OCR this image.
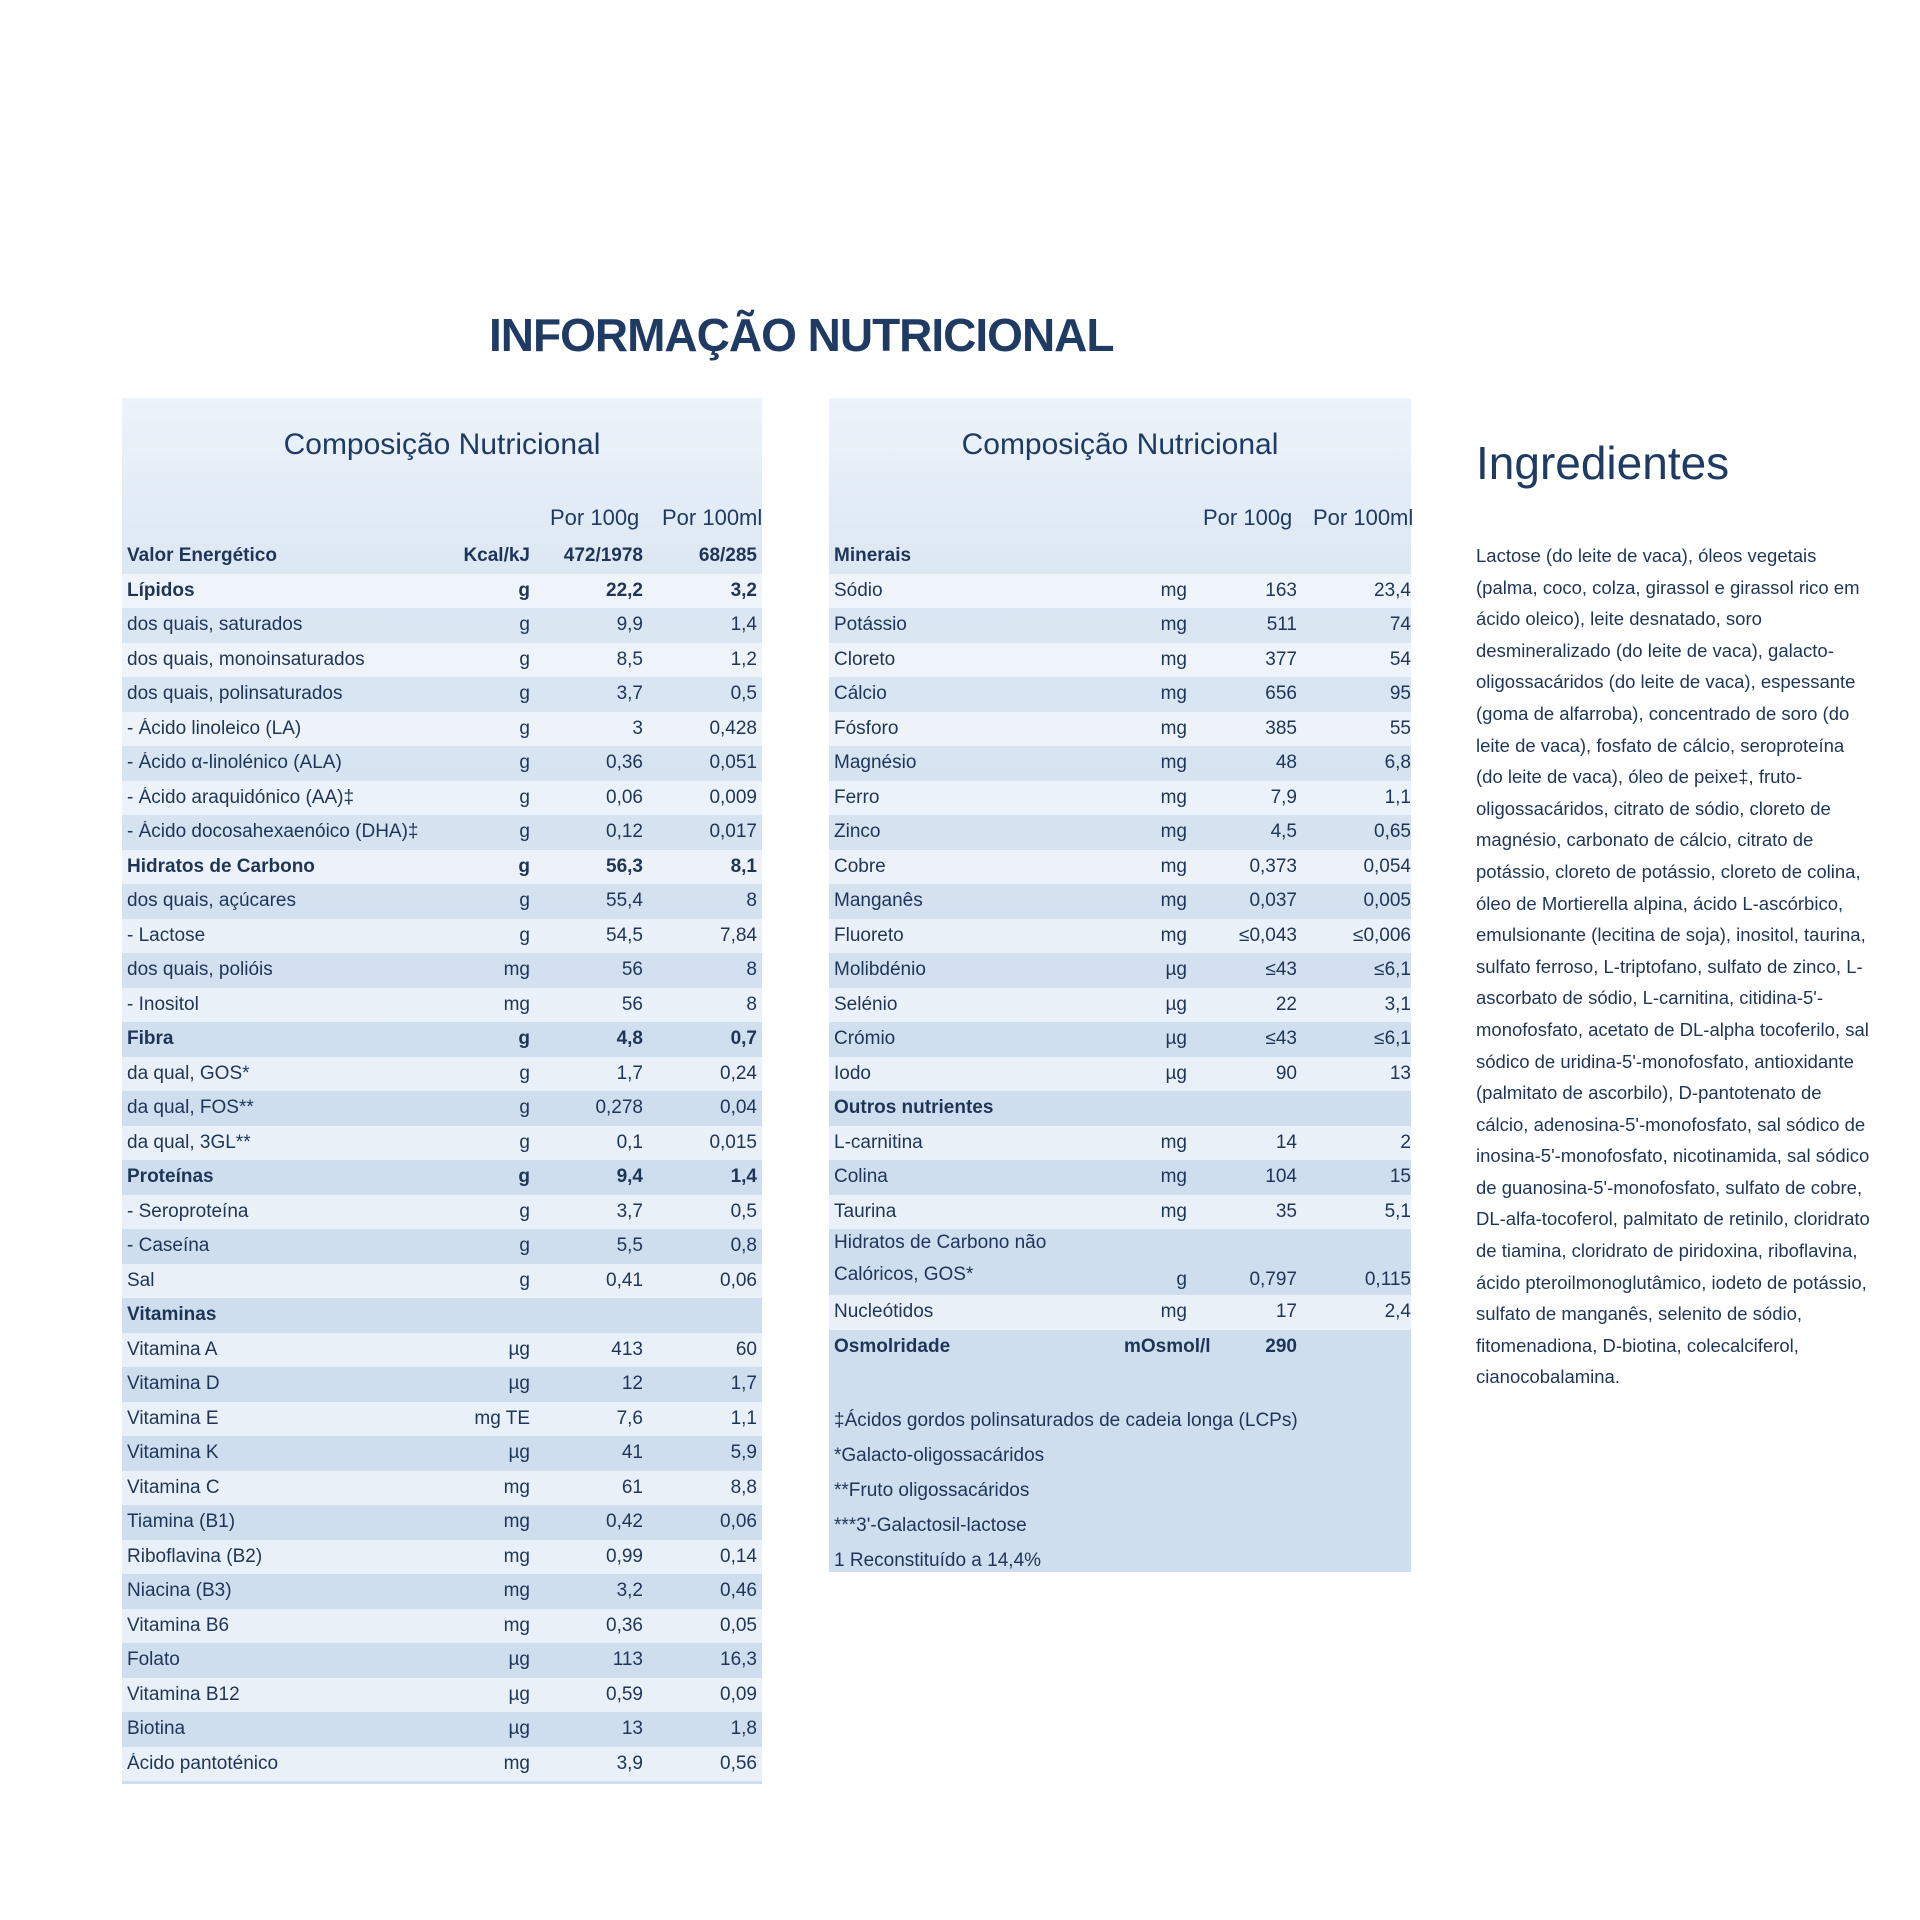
INFORMAÇÃO NUTRICIONAL
Composição Nutricional
Por 100g Por 100ml
Valor Energético	Kcal/kJ	472/1978	68/285
Lípidos	g	22,2	3,2
dos quais, saturados	g	9,9	1,4
dos quais, monoinsaturados	g	8,5	1,2
dos quais, polinsaturados	g	3,7	0,5
- Ácido linoleico (LA)	g	3	0,428
- Ácido α-linolénico (ALA)	g	0,36	0,051
- Ácido araquidónico (AA)‡	g	0,06	0,009
- Ácido docosahexaenóico (DHA)‡	g	0,12	0,017
Hidratos de Carbono	g	56,3	8,1
dos quais, açúcares	g	55,4	8
- Lactose	g	54,5	7,84
dos quais, polióis	mg	56	8
- Inositol	mg	56	8
Fibra	g	4,8	0,7
da qual, GOS*	g	1,7	0,24
da qual, FOS**	g	0,278	0,04
da qual, 3GL**	g	0,1	0,015
Proteínas	g	9,4	1,4
- Seroproteína	g	3,7	0,5
- Caseína	g	5,5	0,8
Sal	g	0,41	0,06
Vitaminas
Vitamina A	µg	413	60
Vitamina D	µg	12	1,7
Vitamina E	mg TE	7,6	1,1
Vitamina K	µg	41	5,9
Vitamina C	mg	61	8,8
Tiamina (B1)	mg	0,42	0,06
Riboflavina (B2)	mg	0,99	0,14
Niacina (B3)	mg	3,2	0,46
Vitamina B6	mg	0,36	0,05
Folato	µg	113	16,3
Vitamina B12	µg	0,59	0,09
Biotina	µg	13	1,8
Ácido pantoténico	mg	3,9	0,56
Composição Nutricional
Por 100g Por 100ml
Minerais
Sódio	mg	163	23,4
Potássio	mg	511	74
Cloreto	mg	377	54
Cálcio	mg	656	95
Fósforo	mg	385	55
Magnésio	mg	48	6,8
Ferro	mg	7,9	1,1
Zinco	mg	4,5	0,65
Cobre	mg	0,373	0,054
Manganês	mg	0,037	0,005
Fluoreto	mg	≤0,043	≤0,006
Molibdénio	µg	≤43	≤6,1
Selénio	µg	22	3,1
Crómio	µg	≤43	≤6,1
Iodo	µg	90	13
Outros nutrientes
L-carnitina	mg	14	2
Colina	mg	104	15
Taurina	mg	35	5,1
Hidratos de Carbono não Calóricos, GOS*	g	0,797	0,115
Nucleótidos	mg	17	2,4
Osmolridade	mOsmol/l	290
‡Ácidos gordos polinsaturados de cadeia longa (LCPs)
*Galacto-oligossacáridos
**Fruto oligossacáridos
***3'-Galactosil-lactose
1 Reconstituído a 14,4%
Ingredientes
Lactose (do leite de vaca), óleos vegetais (palma, coco, colza, girassol e girassol rico em ácido oleico), leite desnatado, soro desmineralizado (do leite de vaca), galacto-oligossacáridos (do leite de vaca), espessante (goma de alfarroba), concentrado de soro (do leite de vaca), fosfato de cálcio, seroproteína (do leite de vaca), óleo de peixe‡, fruto-oligossacáridos, citrato de sódio, cloreto de magnésio, carbonato de cálcio, citrato de potássio, cloreto de potássio, cloreto de colina, óleo de Mortierella alpina, ácido L-ascórbico, emulsionante (lecitina de soja), inositol, taurina, sulfato ferroso, L-triptofano, sulfato de zinco, L-ascorbato de sódio, L-carnitina, citidina-5'-monofosfato, acetato de DL-alpha tocoferilo, sal sódico de uridina-5'-monofosfato, antioxidante (palmitato de ascorbilo), D-pantotenato de cálcio, adenosina-5'-monofosfato, sal sódico de inosina-5'-monofosfato, nicotinamida, sal sódico de guanosina-5'-monofosfato, sulfato de cobre, DL-alfa-tocoferol, palmitato de retinilo, cloridrato de tiamina, cloridrato de piridoxina, riboflavina, ácido pteroilmonoglutâmico, iodeto de potássio, sulfato de manganês, selenito de sódio, fitomenadiona, D-biotina, colecalciferol, cianocobalamina.
